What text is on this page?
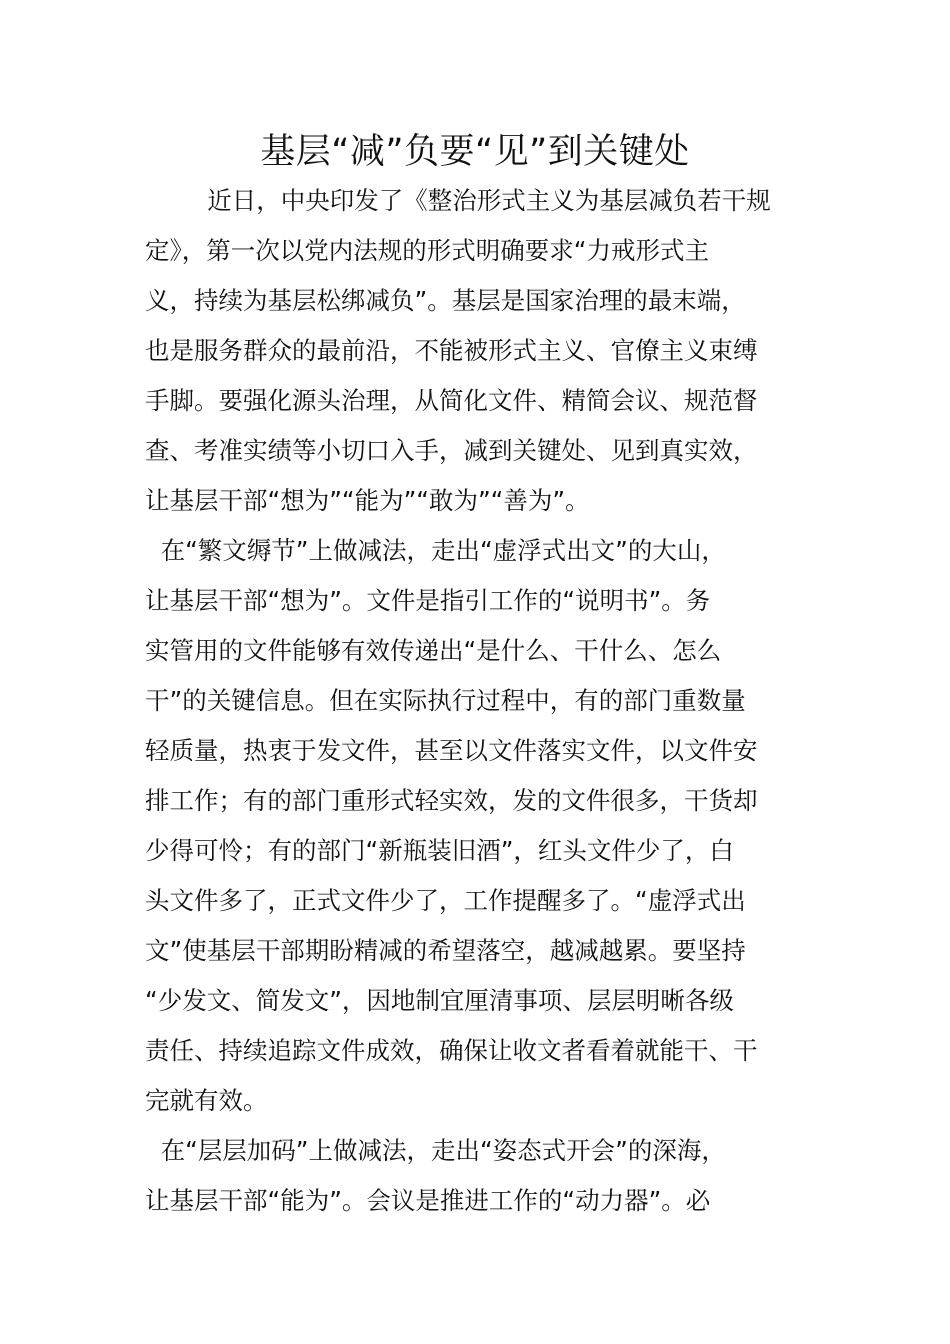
基层“减”负要“见”到关键处
近日，中央印发了《整治形式主义为基层减负若干规
定》，第一次以党内法规的形式明确要求“力戒形式主
义，持续为基层松绑减负”。基层是国家治理的最末端，
也是服务群众的最前沿，不能被形式主义、官僚主义束缚
手脚。要强化源头治理，从简化文件、精简会议、规范督
查、考准实绩等小切口入手，减到关键处、见到真实效，
让基层干部“想为”“能为”“敢为”“善为”。
在“繁文缛节”上做减法，走出“虚浮式出文”的大山，
让基层干部“想为”。文件是指引工作的“说明书”。务
实管用的文件能够有效传递出“是什么、干什么、怎么
干”的关键信息。但在实际执行过程中，有的部门重数量
轻质量，热衷于发文件，甚至以文件落实文件，以文件安
排工作；有的部门重形式轻实效，发的文件很多，干货却
少得可怜；有的部门“新瓶装旧酒”，红头文件少了，白
头文件多了，正式文件少了，工作提醒多了。“虚浮式出
文”使基层干部期盼精减的希望落空，越减越累。要坚持
“少发文、简发文”，因地制宜厘清事项、层层明晰各级
责任、持续追踪文件成效，确保让收文者看着就能干、干
完就有效。
在“层层加码”上做减法，走出“姿态式开会”的深海，
让基层干部“能为”。会议是推进工作的“动力器”。必
